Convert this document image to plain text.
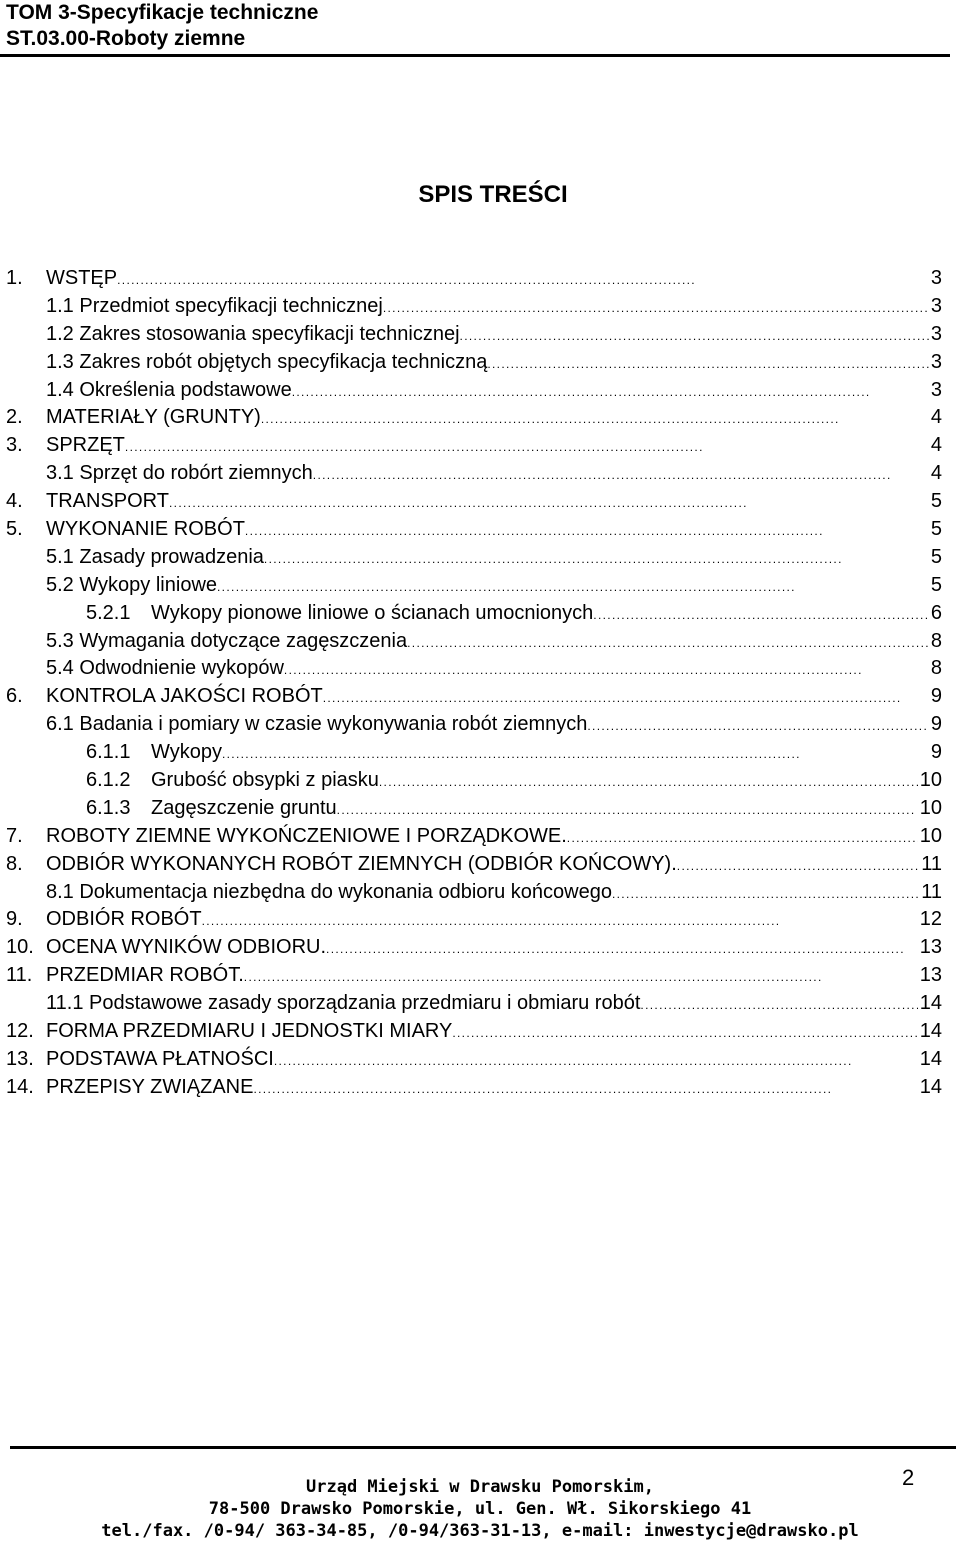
TOM 3-Specyfikacje techniczne
ST.03.00-Roboty ziemne
SPIS TREŚCI
1.	WSTĘP . . .	3
1.1 Przedmiot specyfikacji technicznej . . .	3
1.2 Zakres stosowania specyfikacji technicznej . . .	3
1.3 Zakres robót objętych specyfikacja techniczną . . .	3
1.4 Określenia podstawowe . . .	3
2.	MATERIAŁY (GRUNTY) . . .	4
3.	SPRZĘT . . .	4
3.1 Sprzęt do robórt ziemnych . . .	4
4.	TRANSPORT . . .	5
5.	WYKONANIE ROBÓT . . .	5
5.1 Zasady prowadzenia . . .	5
5.2 Wykopy liniowe . . .	5
5.2.1	Wykopy pionowe liniowe o ścianach umocnionych . . .	6
5.3 Wymagania dotyczące zagęszczenia . . .	8
5.4 Odwodnienie wykopów . . .	8
6.	KONTROLA JAKOŚCI ROBÓT . . .	9
6.1 Badania i pomiary w czasie wykonywania robót ziemnych . . .	9
6.1.1	Wykopy . . .	9
6.1.2	Grubość obsypki z piasku . . .	10
6.1.3	Zagęszczenie gruntu . . .	10
7.	ROBOTY ZIEMNE WYKOŃCZENIOWE I PORZĄDKOWE. . . .	10
8.	ODBIÓR WYKONANYCH ROBÓT ZIEMNYCH (ODBIÓR KOŃCOWY). . . .	11
8.1 Dokumentacja niezbędna do wykonania odbioru końcowego . . .	11
9.	ODBIÓR ROBÓT . . .	12
10. OCENA WYNIKÓW ODBIORU. . . .	13
11. PRZEDMIAR ROBÓT. . . .	13
11.1 Podstawowe zasady sporządzania przedmiaru i obmiaru robót . . .	14
12. FORMA PRZEDMIARU I JEDNOSTKI MIARY . . .	14
13. PODSTAWA PŁATNOŚCI . . .	14
14. PRZEPISY ZWIĄZANE . . .	14
2
Urząd Miejski w Drawsku Pomorskim,
78-500 Drawsko Pomorskie, ul. Gen. Wł. Sikorskiego 41
tel./fax. /0-94/ 363-34-85, /0-94/363-31-13, e-mail: inwestycje@drawsko.pl
